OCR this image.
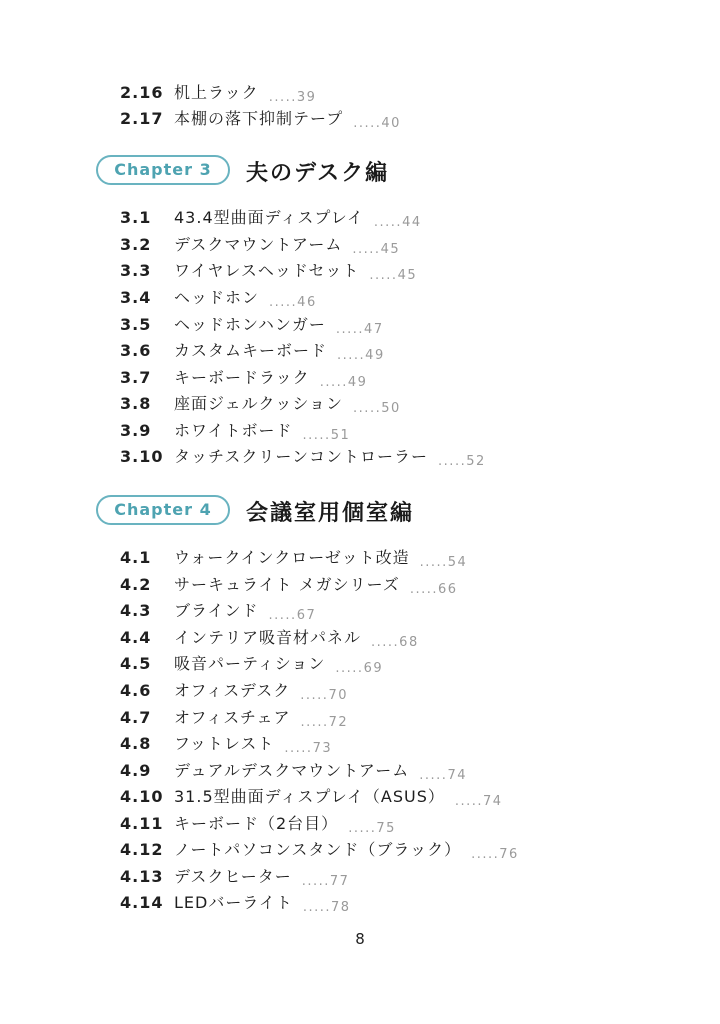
2.16 机上ラック .....39
2.17 本棚の落下抑制テープ .....40
Chapter 3	夫のデスク編
3.1	43.4型曲面ディスプレイ .....44
3.2	デスクマウントアーム .....45
3.3	ワイヤレスヘッドセット .....45
3.4	ヘッドホン .....46
3.5	ヘッドホンハンガー .....47
3.6	カスタムキーボード .....49
3.7	キーボードラック .....49
3.8	座面ジェルクッション .....50
3.9	ホワイトボード .....51
3.10 タッチスクリーンコントローラー .....52
Chapter 4	会議室用個室編
4.1	ウォークインクローゼット改造 .....54
4.2	サーキュライト メガシリーズ .....66
4.3	ブラインド .....67
4.4	インテリア吸音材パネル .....68
4.5	吸音パーティション .....69
4.6	オフィスデスク .....70
4.7	オフィスチェア .....72
4.8	フットレスト .....73
4.9	デュアルデスクマウントアーム .....74
4.10 31.5型曲面ディスプレイ（ASUS） .....74
4.11 キーボード（2台目） .....75
4.12 ノートパソコンスタンド（ブラック） .....76
4.13 デスクヒーター .....77
4.14 LEDバーライト .....78
8
